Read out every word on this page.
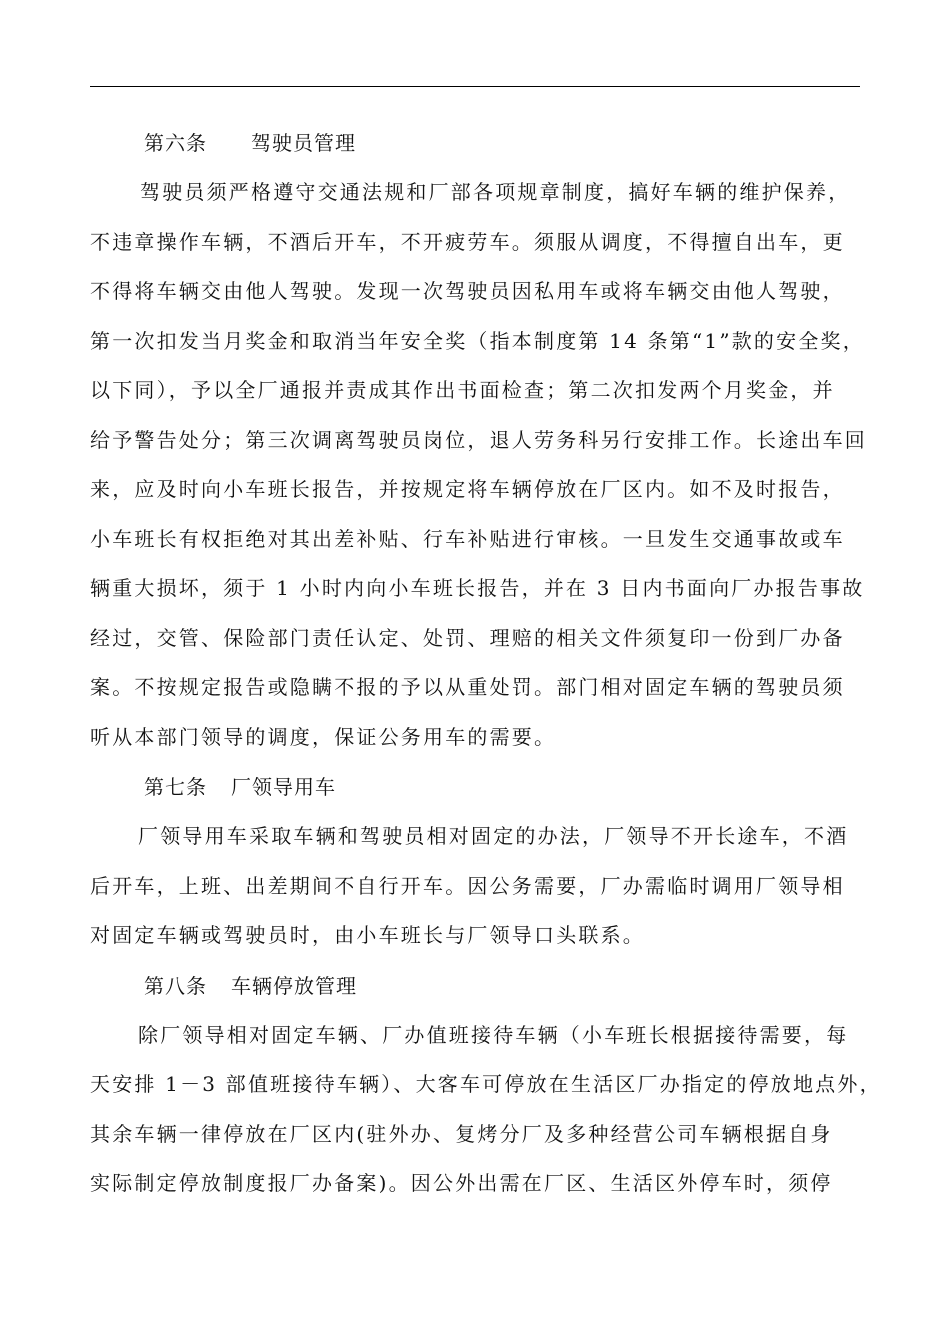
第六条 驾驶员管理
驾驶员须严格遵守交通法规和厂部各项规章制度，搞好车辆的维护保养，
不违章操作车辆，不酒后开车，不开疲劳车。须服从调度，不得擅自出车，更
不得将车辆交由他人驾驶。发现一次驾驶员因私用车或将车辆交由他人驾驶，
第一次扣发当月奖金和取消当年安全奖（指本制度第 14 条第“1”款的安全奖，
以下同），予以全厂通报并责成其作出书面检查；第二次扣发两个月奖金，并
给予警告处分；第三次调离驾驶员岗位，退人劳务科另行安排工作。长途出车回
来，应及时向小车班长报告，并按规定将车辆停放在厂区内。如不及时报告，
小车班长有权拒绝对其出差补贴、行车补贴进行审核。一旦发生交通事故或车
辆重大损坏，须于 1 小时内向小车班长报告，并在 3 日内书面向厂办报告事故
经过，交管、保险部门责任认定、处罚、理赔的相关文件须复印一份到厂办备
案。不按规定报告或隐瞒不报的予以从重处罚。部门相对固定车辆的驾驶员须
听从本部门领导的调度，保证公务用车的需要。
第七条 厂领导用车
厂领导用车采取车辆和驾驶员相对固定的办法，厂领导不开长途车，不酒
后开车，上班、出差期间不自行开车。因公务需要，厂办需临时调用厂领导相
对固定车辆或驾驶员时，由小车班长与厂领导口头联系。
第八条 车辆停放管理
除厂领导相对固定车辆、厂办值班接待车辆（小车班长根据接待需要，每
天安排 1－3 部值班接待车辆）、大客车可停放在生活区厂办指定的停放地点外，
其余车辆一律停放在厂区内(驻外办、复烤分厂及多种经营公司车辆根据自身
实际制定停放制度报厂办备案)。因公外出需在厂区、生活区外停车时，须停
